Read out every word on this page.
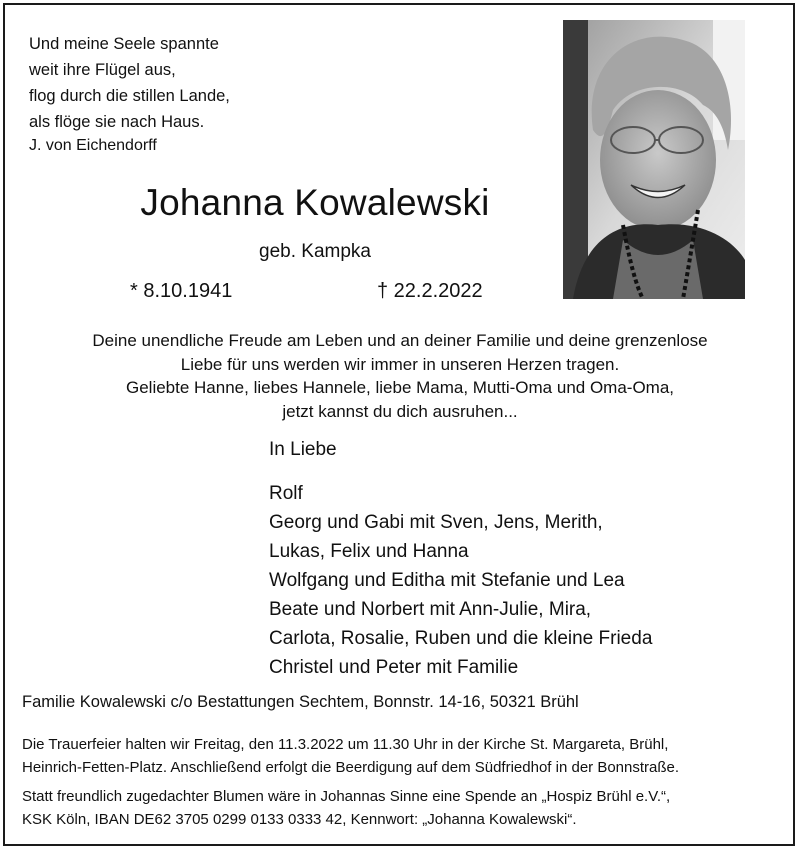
Und meine Seele spannte
weit ihre Flügel aus,
flog durch die stillen Lande,
als flöge sie nach Haus.
J. von Eichendorff
Johanna Kowalewski
geb. Kampka
* 8.10.1941	† 22.2.2022
Deine unendliche Freude am Leben und an deiner Familie und deine grenzenlose
Liebe für uns werden wir immer in unseren Herzen tragen.
Geliebte Hanne, liebes Hannele, liebe Mama, Mutti-Oma und Oma-Oma,
jetzt kannst du dich ausruhen...
In Liebe
Rolf
Georg und Gabi mit Sven, Jens, Merith,
Lukas, Felix und Hanna
Wolfgang und Editha mit Stefanie und Lea
Beate und Norbert mit Ann-Julie, Mira,
Carlota, Rosalie, Ruben und die kleine Frieda
Christel und Peter mit Familie
Familie Kowalewski c/o Bestattungen Sechtem, Bonnstr. 14-16, 50321 Brühl
Die Trauerfeier halten wir Freitag, den 11.3.2022 um 11.30 Uhr in der Kirche St. Margareta, Brühl,
Heinrich-Fetten-Platz. Anschließend erfolgt die Beerdigung auf dem Südfriedhof in der Bonnstraße.
Statt freundlich zugedachter Blumen wäre in Johannas Sinne eine Spende an „Hospiz Brühl e.V.“,
KSK Köln, IBAN DE62 3705 0299 0133 0333 42, Kennwort: „Johanna Kowalewski“.
